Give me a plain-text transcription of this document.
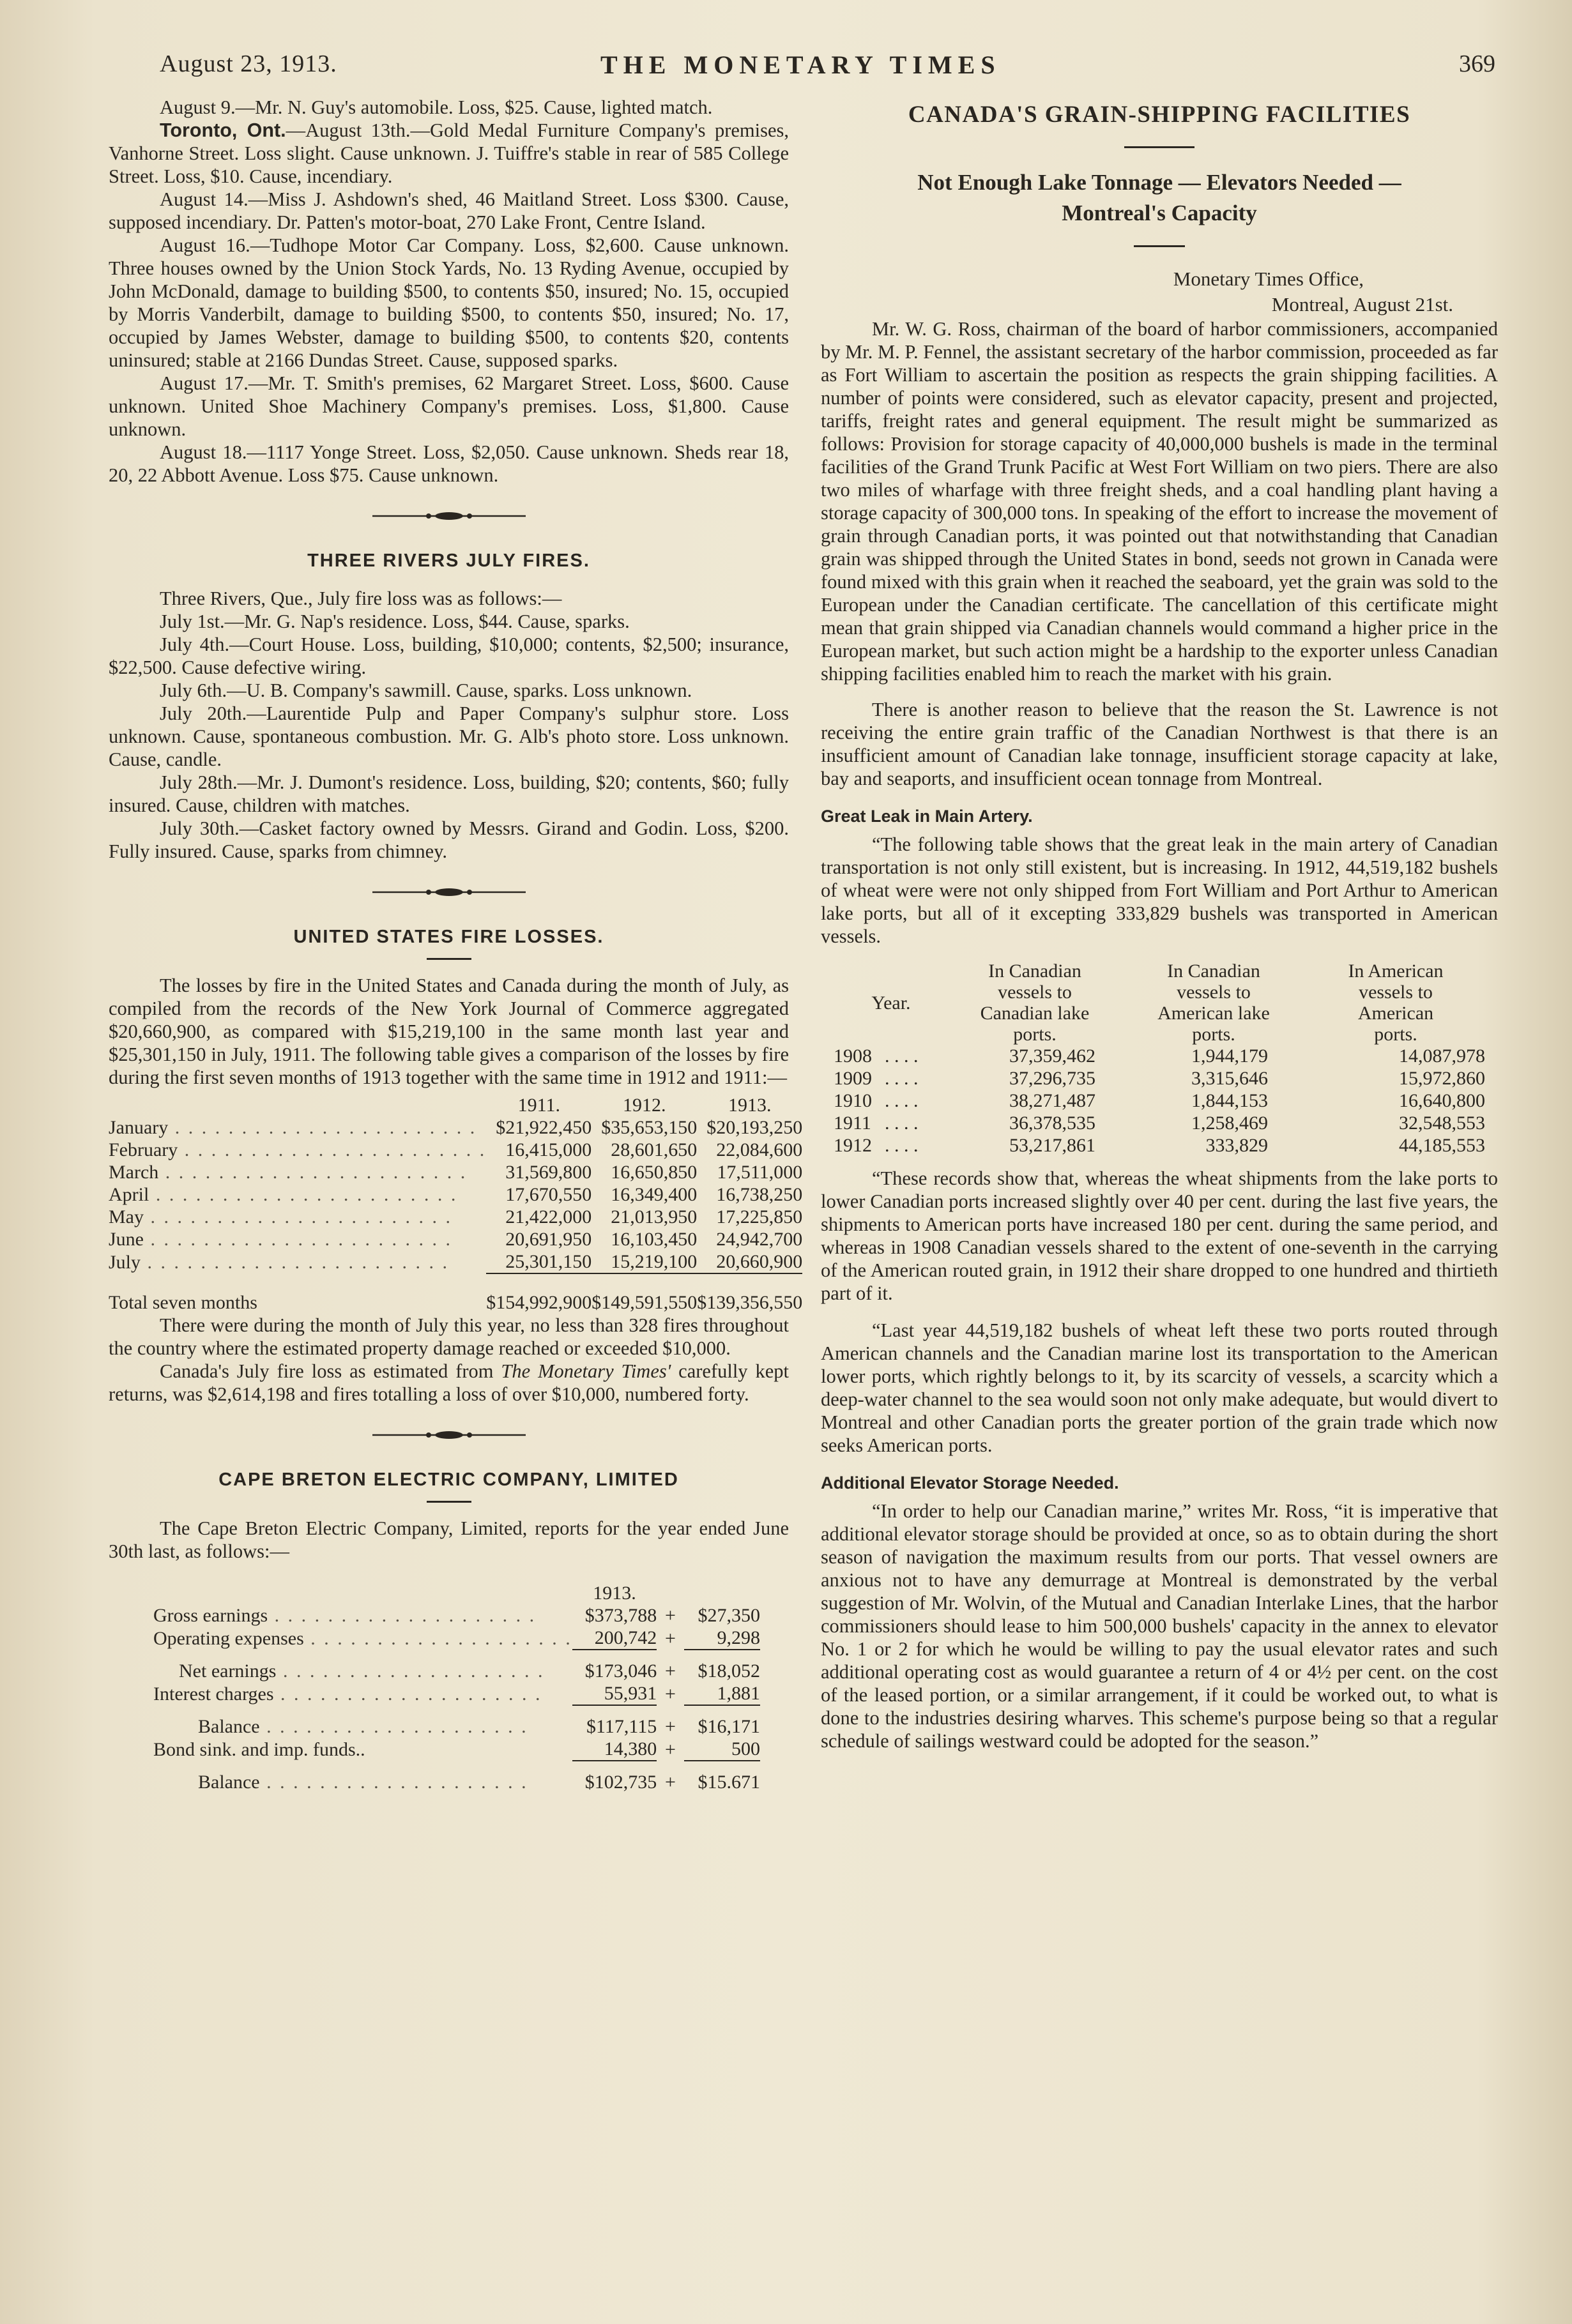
August 23, 1913.	THE MONETARY TIMES	369

August 9.—Mr. N. Guy's automobile. Loss, $25. Cause, lighted match.

Toronto, Ont.—August 13th.—Gold Medal Furniture Company's premises, Vanhorne Street. Loss slight. Cause unknown. J. Tuiffre's stable in rear of 585 College Street. Loss, $10. Cause, incendiary.

August 14.—Miss J. Ashdown's shed, 46 Maitland Street. Loss $300. Cause, supposed incendiary. Dr. Patten's motor-boat, 270 Lake Front, Centre Island.

August 16.—Tudhope Motor Car Company. Loss, $2,600. Cause unknown. Three houses owned by the Union Stock Yards, No. 13 Ryding Avenue, occupied by John McDonald, damage to building $500, to contents $50, insured; No. 15, occupied by Morris Vanderbilt, damage to building $500, to contents $50, insured; No. 17, occupied by James Webster, damage to building $500, to contents $20, contents uninsured; stable at 2166 Dundas Street. Cause, supposed sparks.

August 17.—Mr. T. Smith's premises, 62 Margaret Street. Loss, $600. Cause unknown. United Shoe Machinery Company's premises. Loss, $1,800. Cause unknown.

August 18.—1117 Yonge Street. Loss, $2,050. Cause unknown. Sheds rear 18, 20, 22 Abbott Avenue. Loss $75. Cause unknown.

THREE RIVERS JULY FIRES.

Three Rivers, Que., July fire loss was as follows:—

July 1st.—Mr. G. Nap's residence. Loss, $44. Cause, sparks.

July 4th.—Court House. Loss, building, $10,000; contents, $2,500; insurance, $22,500. Cause defective wiring.

July 6th.—U. B. Company's sawmill. Cause, sparks. Loss unknown.

July 20th.—Laurentide Pulp and Paper Company's sulphur store. Loss unknown. Cause, spontaneous combustion. Mr. G. Alb's photo store. Loss unknown. Cause, candle.

July 28th.—Mr. J. Dumont's residence. Loss, building, $20; contents, $60; fully insured. Cause, children with matches.

July 30th.—Casket factory owned by Messrs. Girand and Godin. Loss, $200. Fully insured. Cause, sparks from chimney.

UNITED STATES FIRE LOSSES.

The losses by fire in the United States and Canada during the month of July, as compiled from the records of the New York Journal of Commerce aggregated $20,660,900, as compared with $15,219,100 in the same month last year and $25,301,150 in July, 1911. The following table gives a comparison of the losses by fire during the first seven months of 1913 together with the same time in 1912 and 1911:—

	1911.	1912.	1913.

January . . . . . . . . . . . . . . . . . . . . . . .	$21,922,450	$35,653,150	$20,193,250

February . . . . . . . . . . . . . . . . . . . . . . .	16,415,000	28,601,650	22,084,600

March . . . . . . . . . . . . . . . . . . . . . . .	31,569,800	16,650,850	17,511,000

April . . . . . . . . . . . . . . . . . . . . . . .	17,670,550	16,349,400	16,738,250

May . . . . . . . . . . . . . . . . . . . . . . .	21,422,000	21,013,950	17,225,850

June . . . . . . . . . . . . . . . . . . . . . . .	20,691,950	16,103,450	24,942,700

July . . . . . . . . . . . . . . . . . . . . . . .	25,301,150	15,219,100	20,660,900

Total seven months	$154,992,900	$149,591,550	$139,356,550

There were during the month of July this year, no less than 328 fires throughout the country where the estimated property damage reached or exceeded $10,000.

Canada's July fire loss as estimated from The Monetary Times' carefully kept returns, was $2,614,198 and fires totalling a loss of over $10,000, numbered forty.

CAPE BRETON ELECTRIC COMPANY, LIMITED

The Cape Breton Electric Company, Limited, reports for the year ended June 30th last, as follows:—

	1913.		

Gross earnings . . . . . . . . . . . . . . . . . . . .	$373,788	+	$27,350

Operating expenses . . . . . . . . . . . . . . . . . . . .	200,742	+	9,298

Net earnings . . . . . . . . . . . . . . . . . . . .	$173,046	+	$18,052

Interest charges . . . . . . . . . . . . . . . . . . . .	55,931	+	1,881

Balance . . . . . . . . . . . . . . . . . . . .	$117,115	+	$16,171
Bond sink. and imp. funds..	14,380	+	500

Balance . . . . . . . . . . . . . . . . . . . .	$102,735	+	$15.671
CANADA'S GRAIN-SHIPPING FACILITIES

Not Enough Lake Tonnage — Elevators Needed —

Montreal's Capacity

Monetary Times Office,
Montreal, August 21st.

Mr. W. G. Ross, chairman of the board of harbor commissioners, accompanied by Mr. M. P. Fennel, the assistant secretary of the harbor commission, proceeded as far as Fort William to ascertain the position as respects the grain shipping facilities. A number of points were considered, such as elevator capacity, present and projected, tariffs, freight rates and general equipment. The result might be summarized as follows: Provision for storage capacity of 40,000,000 bushels is made in the terminal facilities of the Grand Trunk Pacific at West Fort William on two piers. There are also two miles of wharfage with three freight sheds, and a coal handling plant having a storage capacity of 300,000 tons. In speaking of the effort to increase the movement of grain through Canadian ports, it was pointed out that notwithstanding that Canadian grain was shipped through the United States in bond, seeds not grown in Canada were found mixed with this grain when it reached the seaboard, yet the grain was sold to the European under the Canadian certificate. The cancellation of this certificate might mean that grain shipped via Canadian channels would command a higher price in the European market, but such action might be a hardship to the exporter unless Canadian shipping facilities enabled him to reach the market with his grain.

There is another reason to believe that the reason the St. Lawrence is not receiving the entire grain traffic of the Canadian Northwest is that there is an insufficient amount of Canadian lake tonnage, insufficient storage capacity at lake, bay and seaports, and insufficient ocean tonnage from Montreal.

Great Leak in Main Artery.

“The following table shows that the great leak in the main artery of Canadian transportation is not only still existent, but is increasing. In 1912, 44,519,182 bushels of wheat were were not only shipped from Fort William and Port Arthur to American lake ports, but all of it excepting 333,829 bushels was transported in American vessels.

Year.		In Canadian
vessels to
Canadian lake
ports.	In Canadian
vessels to
American lake
ports.	In American
vessels to
American
ports.
1908	. . . .	37,359,462	1,944,179	14,087,978
1909	. . . .	37,296,735	3,315,646	15,972,860
1910	. . . .	38,271,487	1,844,153	16,640,800
1911	. . . .	36,378,535	1,258,469	32,548,553
1912	. . . .	53,217,861	333,829	44,185,553

“These records show that, whereas the wheat shipments from the lake ports to lower Canadian ports increased slightly over 40 per cent. during the last five years, the shipments to American ports have increased 180 per cent. during the same period, and whereas in 1908 Canadian vessels shared to the extent of one-seventh in the carrying of the American routed grain, in 1912 their share dropped to one hundred and thirtieth part of it.

“Last year 44,519,182 bushels of wheat left these two ports routed through American channels and the Canadian marine lost its transportation to the American lower ports, which rightly belongs to it, by its scarcity of vessels, a scarcity which a deep-water channel to the sea would soon not only make adequate, but would divert to Montreal and other Canadian ports the greater portion of the grain trade which now seeks American ports.

Additional Elevator Storage Needed.

“In order to help our Canadian marine,” writes Mr. Ross, “it is imperative that additional elevator storage should be provided at once, so as to obtain during the short season of navigation the maximum results from our ports. That vessel owners are anxious not to have any demurrage at Montreal is demonstrated by the verbal suggestion of Mr. Wolvin, of the Mutual and Canadian Interlake Lines, that the harbor commissioners should lease to him 500,000 bushels' capacity in the annex to elevator No. 1 or 2 for which he would be willing to pay the usual elevator rates and such additional operating cost as would guarantee a return of 4 or 4½ per cent. on the cost of the leased portion, or a similar arrangement, if it could be worked out, to what is done to the industries desiring wharves. This scheme's purpose being so that a regular schedule of sailings westward could be adopted for the season.”
